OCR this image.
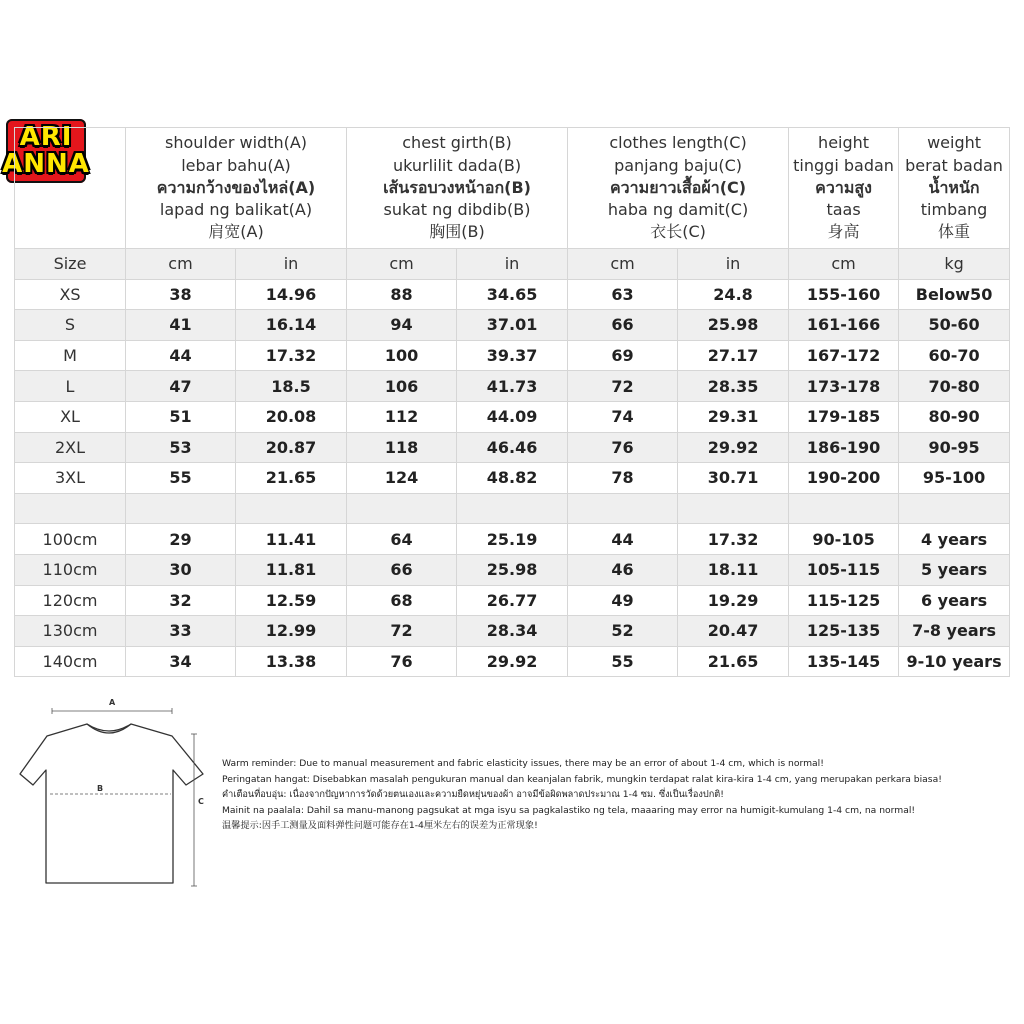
ARI
ANNA

	shoulder width(A)
lebar bahu(A)
ความกว้างของไหล่(A)
lapad ng balikat(A)
肩宽(A)		chest girth(B)
ukurlilit dada(B)
เส้นรอบวงหน้าอก(B)
sukat ng dibdib(B)
胸围(B)		clothes length(C)
panjang baju(C)
ความยาวเสื้อผ้า(C)
haba ng damit(C)
衣长(C)		height
tinggi badan
ความสูง
taas
身高	weight
berat badan
น้ำหนัก
timbang
体重

Size	cm	in	cm	in	cm	in	cm	kg
XS	38	14.96	88	34.65	63	24.8	155-160	Below50
S	41	16.14	94	37.01	66	25.98	161-166	50-60
M	44	17.32	100	39.37	69	27.17	167-172	60-70
L	47	18.5	106	41.73	72	28.35	173-178	70-80
XL	51	20.08	112	44.09	74	29.31	179-185	80-90
2XL	53	20.87	118	46.46	76	29.92	186-190	90-95
3XL	55	21.65	124	48.82	78	30.71	190-200	95-100

100cm	29	11.41	64	25.19	44	17.32	90-105	4 years
110cm	30	11.81	66	25.98	46	18.11	105-115	5 years
120cm	32	12.59	68	26.77	49	19.29	115-125	6 years
130cm	33	12.99	72	28.34	52	20.47	125-135	7-8 years
140cm	34	13.38	76	29.92	55	21.65	135-145	9-10 years
A
B
C
Warm reminder: Due to manual measurement and fabric elasticity issues, there may be an error of about 1-4 cm, which is normal!
Peringatan hangat: Disebabkan masalah pengukuran manual dan keanjalan fabrik, mungkin terdapat ralat kira-kira 1-4 cm, yang merupakan perkara biasa!
คำเตือนที่อบอุ่น: เนื่องจากปัญหาการวัดด้วยตนเองและความยืดหยุ่นของผ้า อาจมีข้อผิดพลาดประมาณ 1-4 ซม. ซึ่งเป็นเรื่องปกติ!
Mainit na paalala: Dahil sa manu-manong pagsukat at mga isyu sa pagkalastiko ng tela, maaaring may error na humigit-kumulang 1-4 cm, na normal!
温馨提示:因手工测量及面料弹性问题可能存在1-4厘米左右的误差为正常现象!
